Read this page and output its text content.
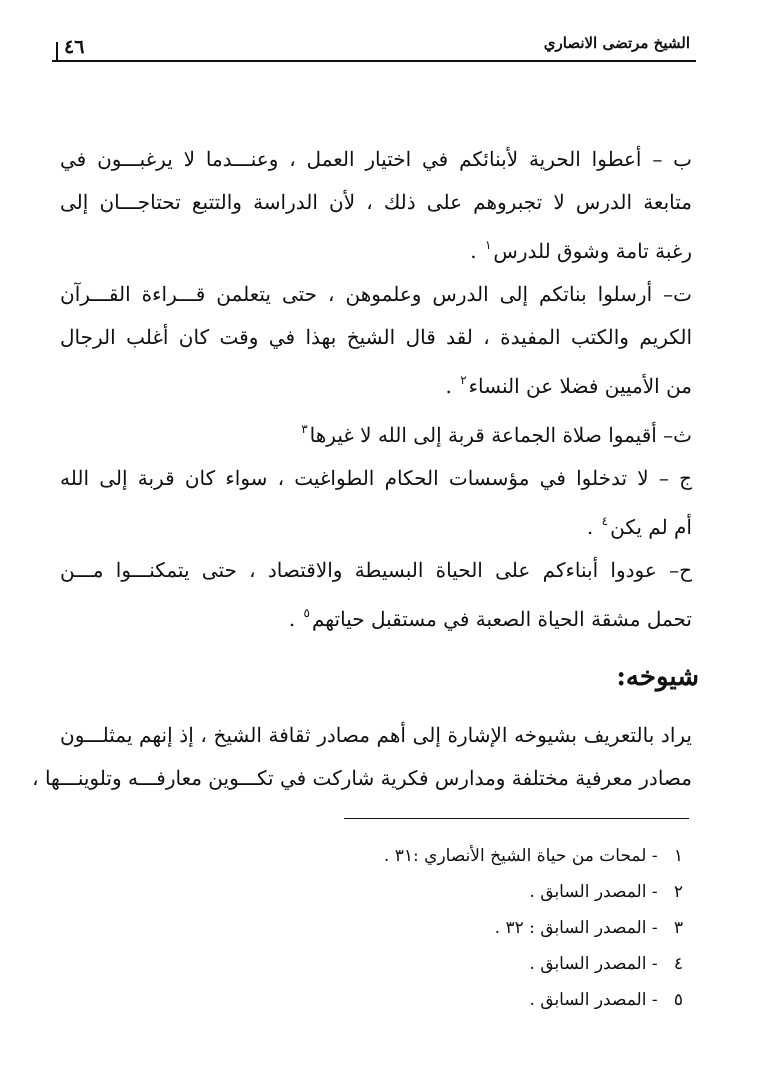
٤٦	الشيخ مرتضى الانصاري
ب – أعطوا الحرية لأبنائكم في اختيار العمل ، وعنـــدما لا يرغبـــون في
متابعة الدرس لا تجبروهم على ذلك ، لأن الدراسة والتتبع تحتاجـــان إلى
رغبة تامة وشوق للدرس$^١$ .
ت– أرسلوا بناتكم إلى الدرس وعلموهن ، حتى يتعلمن قـــراءة القـــرآن
الكريم والكتب المفيدة ، لقد قال الشيخ بهذا في وقت كان أغلب الرجال
من الأميين فضلا عن النساء$^٢$ .
ث– أقيموا صلاة الجماعة قربة إلى الله لا غيرها$^٣$
ج – لا تدخلوا في مؤسسات الحكام الطواغيت ، سواء كان قربة إلى الله
أم لم يكن$^٤$ .
ح– عودوا أبناءكم على الحياة البسيطة والاقتصاد ، حتى يتمكنـــوا مـــن
تحمل مشقة الحياة الصعبة في مستقبل حياتهم$^٥$ .
شيوخه:
يراد بالتعريف بشيوخه الإشارة إلى أهم مصادر ثقافة الشيخ ، إذ إنهم يمثلـــون
مصادر معرفية مختلفة ومدارس فكرية شاركت في تكـــوين معارفـــه وتلوينـــها ،
١ - لمحات من حياة الشيخ الأنصاري :٣١ .
٢ - المصدر السابق .
٣ - المصدر السابق : ٣٢ .
٤ - المصدر السابق .
٥ - المصدر السابق .
